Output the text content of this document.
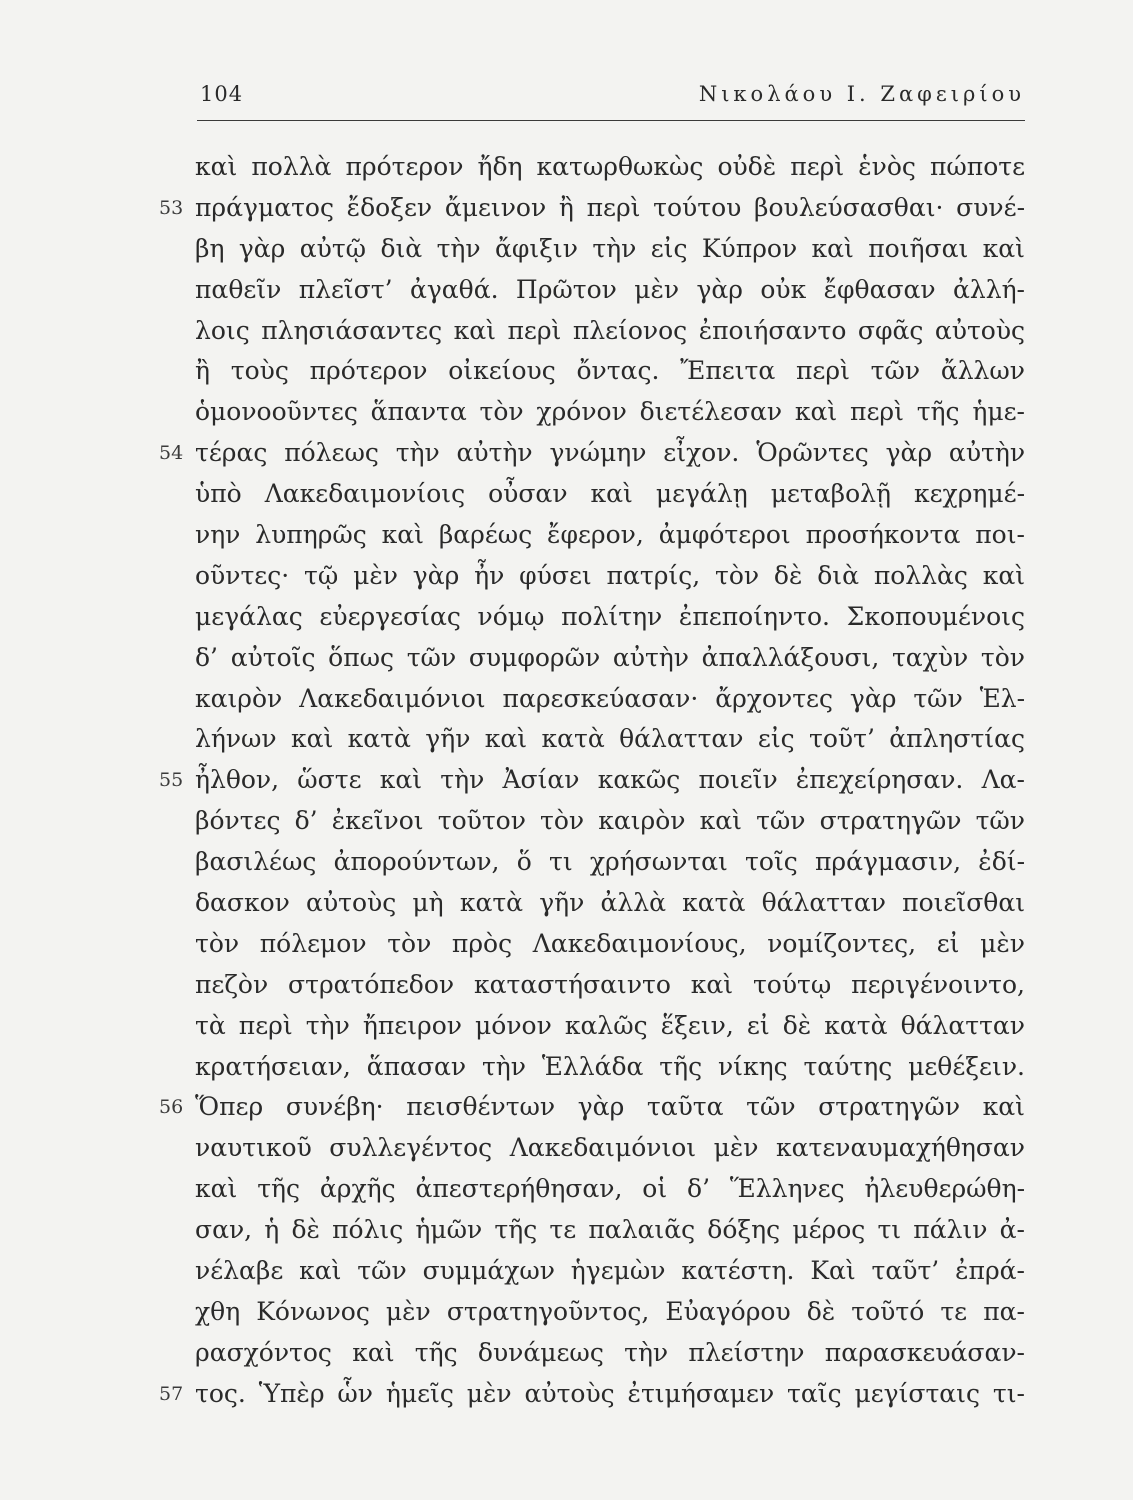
104	Νικολάου Ι. Ζαφειρίου
καὶ πολλὰ πρότερον ἤδη κατωρθωκὼς οὐδὲ περὶ ἑνὸς πώποτε
53 πράγματος ἔδοξεν ἄμεινον ἢ περὶ τούτου βουλεύσασθαι· συνέ-
βη γὰρ αὐτῷ διὰ τὴν ἄφιξιν τὴν εἰς Κύπρον καὶ ποιῆσαι καὶ
παθεῖν πλεῖστ’ ἀγαθά. Πρῶτον μὲν γὰρ οὐκ ἔφθασαν ἀλλή-
λοις πλησιάσαντες καὶ περὶ πλείονος ἐποιήσαντο σφᾶς αὐτοὺς
ἢ τοὺς πρότερον οἰκείους ὄντας. Ἔπειτα περὶ τῶν ἄλλων
ὁμονοοῦντες ἅπαντα τὸν χρόνον διετέλεσαν καὶ περὶ τῆς ἡμε-
54 τέρας πόλεως τὴν αὐτὴν γνώμην εἶχον. Ὁρῶντες γὰρ αὐτὴν
ὑπὸ Λακεδαιμονίοις οὖσαν καὶ μεγάλῃ μεταβολῇ κεχρημέ-
νην λυπηρῶς καὶ βαρέως ἔφερον, ἀμφότεροι προσήκοντα ποι-
οῦντες· τῷ μὲν γὰρ ἦν φύσει πατρίς, τὸν δὲ διὰ πολλὰς καὶ
μεγάλας εὐεργεσίας νόμῳ πολίτην ἐπεποίηντο. Σκοπουμένοις
δ’ αὐτοῖς ὅπως τῶν συμφορῶν αὐτὴν ἀπαλλάξουσι, ταχὺν τὸν
καιρὸν Λακεδαιμόνιοι παρεσκεύασαν· ἄρχοντες γὰρ τῶν Ἑλ-
λήνων καὶ κατὰ γῆν καὶ κατὰ θάλατταν εἰς τοῦτ’ ἀπληστίας
55 ἦλθον, ὥστε καὶ τὴν Ἀσίαν κακῶς ποιεῖν ἐπεχείρησαν. Λα-
βόντες δ’ ἐκεῖνοι τοῦτον τὸν καιρὸν καὶ τῶν στρατηγῶν τῶν
βασιλέως ἀπορούντων, ὅ τι χρήσωνται τοῖς πράγμασιν, ἐδί-
δασκον αὐτοὺς μὴ κατὰ γῆν ἀλλὰ κατὰ θάλατταν ποιεῖσθαι
τὸν πόλεμον τὸν πρὸς Λακεδαιμονίους, νομίζοντες, εἰ μὲν
πεζὸν στρατόπεδον καταστήσαιντο καὶ τούτῳ περιγένοιντο,
τὰ περὶ τὴν ἤπειρον μόνον καλῶς ἕξειν, εἰ δὲ κατὰ θάλατταν
κρατήσειαν, ἅπασαν τὴν Ἑλλάδα τῆς νίκης ταύτης μεθέξειν.
56 Ὅπερ συνέβη· πεισθέντων γὰρ ταῦτα τῶν στρατηγῶν καὶ
ναυτικοῦ συλλεγέντος Λακεδαιμόνιοι μὲν κατεναυμαχήθησαν
καὶ τῆς ἀρχῆς ἀπεστερήθησαν, οἱ δ’ Ἕλληνες ἠλευθερώθη-
σαν, ἡ δὲ πόλις ἡμῶν τῆς τε παλαιᾶς δόξης μέρος τι πάλιν ἀ-
νέλαβε καὶ τῶν συμμάχων ἡγεμὼν κατέστη. Καὶ ταῦτ’ ἐπρά-
χθη Κόνωνος μὲν στρατηγοῦντος, Εὐαγόρου δὲ τοῦτό τε πα-
ρασχόντος καὶ τῆς δυνάμεως τὴν πλείστην παρασκευάσαν-
57 τος. Ὑπὲρ ὧν ἡμεῖς μὲν αὐτοὺς ἐτιμήσαμεν ταῖς μεγίσταις τι-
